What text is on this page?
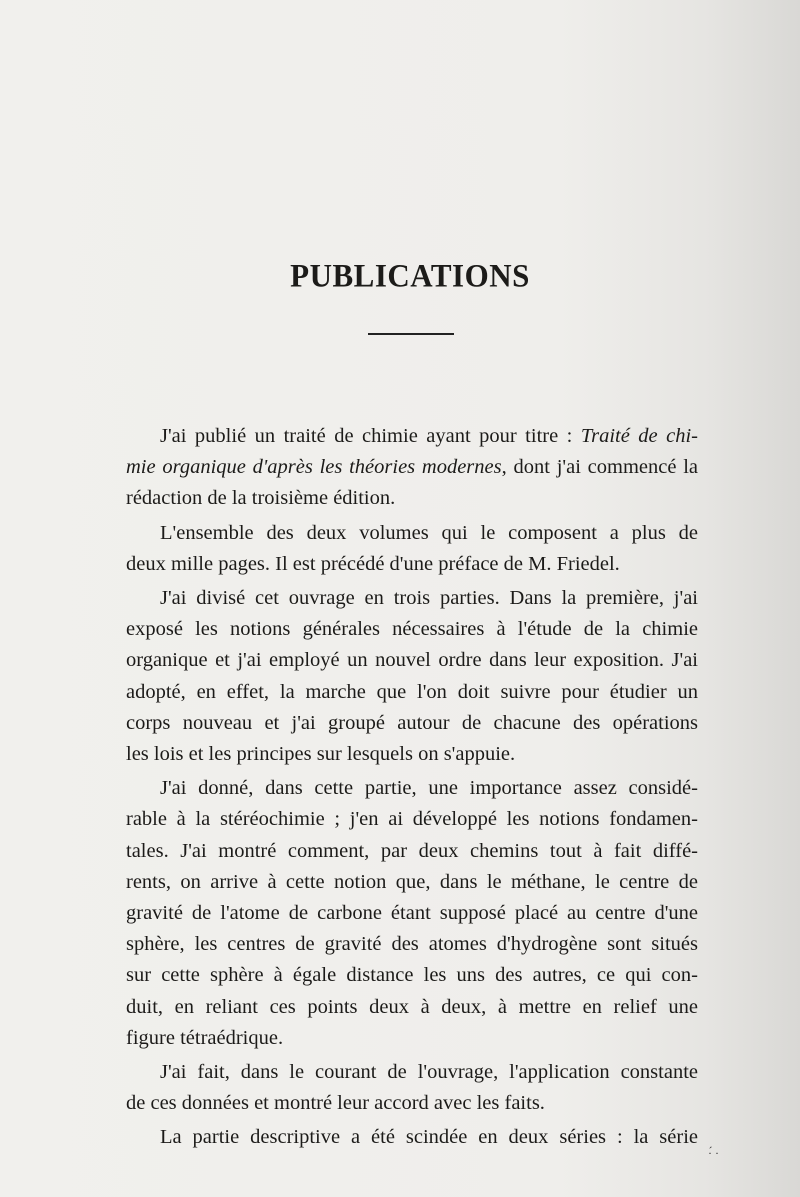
PUBLICATIONS

J'ai publié un traité de chimie ayant pour titre : Traité de chi-
mie organique d'après les théories modernes, dont j'ai commencé la
rédaction de la troisième édition.

L'ensemble des deux volumes qui le composent a plus de
deux mille pages. Il est précédé d'une préface de M. Friedel.

J'ai divisé cet ouvrage en trois parties. Dans la première, j'ai
exposé les notions générales nécessaires à l'étude de la chimie
organique et j'ai employé un nouvel ordre dans leur exposition. J'ai
adopté, en effet, la marche que l'on doit suivre pour étudier un
corps nouveau et j'ai groupé autour de chacune des opérations
les lois et les principes sur lesquels on s'appuie.

J'ai donné, dans cette partie, une importance assez considé-
rable à la stéréochimie ; j'en ai développé les notions fondamen-
tales. J'ai montré comment, par deux chemins tout à fait diffé-
rents, on arrive à cette notion que, dans le méthane, le centre de
gravité de l'atome de carbone étant supposé placé au centre d'une
sphère, les centres de gravité des atomes d'hydrogène sont situés
sur cette sphère à égale distance les uns des autres, ce qui con-
duit, en reliant ces points deux à deux, à mettre en relief une
figure tétraédrique.

J'ai fait, dans le courant de l'ouvrage, l'application constante
de ces données et montré leur accord avec les faits.

La partie descriptive a été scindée en deux séries : la série

·́ ·
